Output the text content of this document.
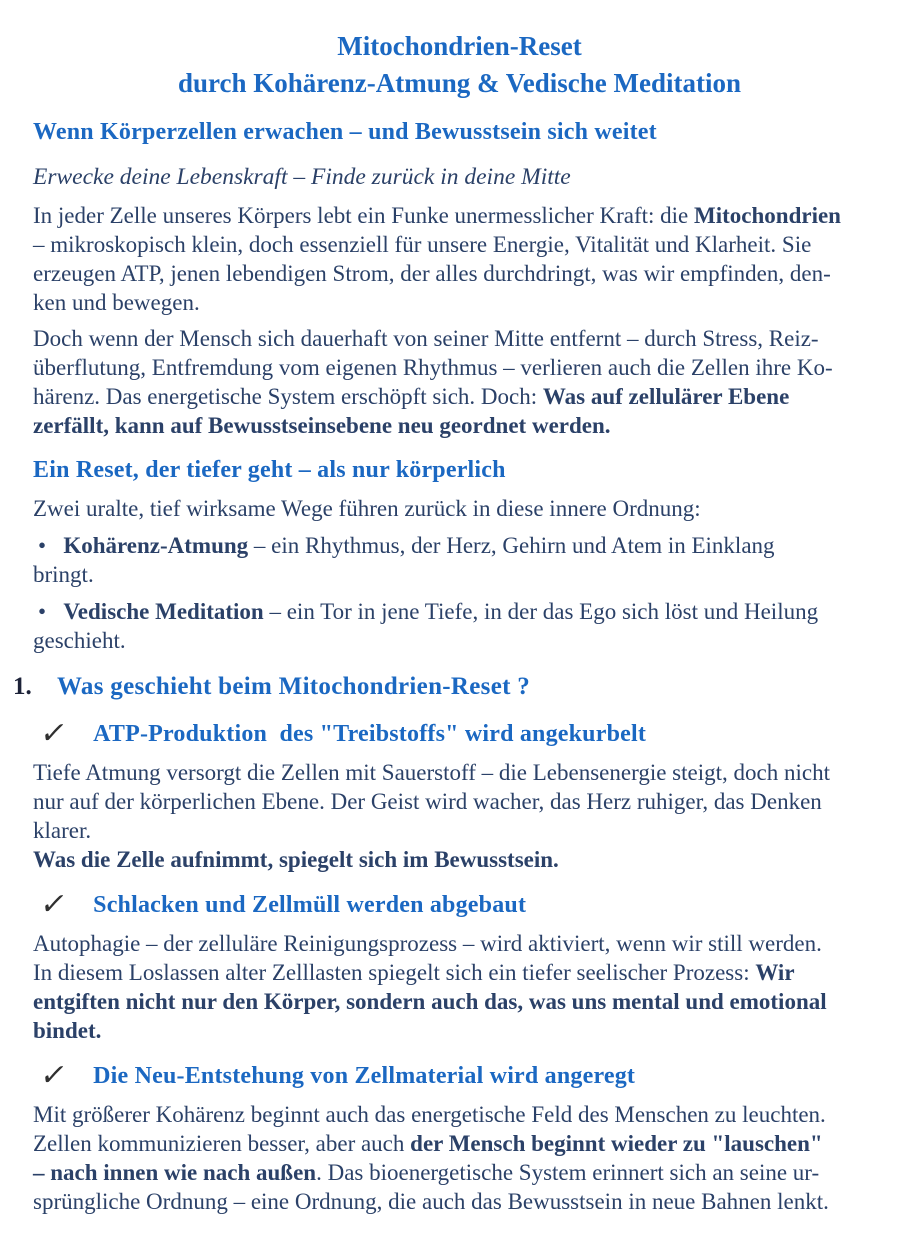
Mitochondrien-Reset
durch Kohärenz-Atmung & Vedische Meditation
Wenn Körperzellen erwachen – und Bewusstsein sich weitet

Erwecke deine Lebenskraft – Finde zurück in deine Mitte

In jeder Zelle unseres Körpers lebt ein Funke unermesslicher Kraft: die Mitochondrien
– mikroskopisch klein, doch essenziell für unsere Energie, Vitalität und Klarheit. Sie
erzeugen ATP, jenen lebendigen Strom, der alles durchdringt, was wir empfinden, den-
ken und bewegen.

Doch wenn der Mensch sich dauerhaft von seiner Mitte entfernt – durch Stress, Reiz-
überflutung, Entfremdung vom eigenen Rhythmus – verlieren auch die Zellen ihre Ko-
härenz. Das energetische System erschöpft sich. Doch: Was auf zellulärer Ebene
zerfällt, kann auf Bewusstseinsebene neu geordnet werden.

Ein Reset, der tiefer geht – als nur körperlich

Zwei uralte, tief wirksame Wege führen zurück in diese innere Ordnung:

•   Kohärenz-Atmung – ein Rhythmus, der Herz, Gehirn und Atem in Einklang
bringt.

•   Vedische Meditation – ein Tor in jene Tiefe, in der das Ego sich löst und Heilung
geschieht.

1. Was geschieht beim Mitochondrien-Reset ?
✓ ATP-Produktion  des "Treibstoffs" wird angekurbelt

Tiefe Atmung versorgt die Zellen mit Sauerstoff – die Lebensenergie steigt, doch nicht
nur auf der körperlichen Ebene. Der Geist wird wacher, das Herz ruhiger, das Denken
klarer.
Was die Zelle aufnimmt, spiegelt sich im Bewusstsein.

✓ Schlacken und Zellmüll werden abgebaut

Autophagie – der zelluläre Reinigungsprozess – wird aktiviert, wenn wir still werden.
In diesem Loslassen alter Zelllasten spiegelt sich ein tiefer seelischer Prozess: Wir
entgiften nicht nur den Körper, sondern auch das, was uns mental und emotional
bindet.

✓ Die Neu-Entstehung von Zellmaterial wird angeregt

Mit größerer Kohärenz beginnt auch das energetische Feld des Menschen zu leuchten.
Zellen kommunizieren besser, aber auch der Mensch beginnt wieder zu "lauschen"
– nach innen wie nach außen. Das bioenergetische System erinnert sich an seine ur-
sprüngliche Ordnung – eine Ordnung, die auch das Bewusstsein in neue Bahnen lenkt.
